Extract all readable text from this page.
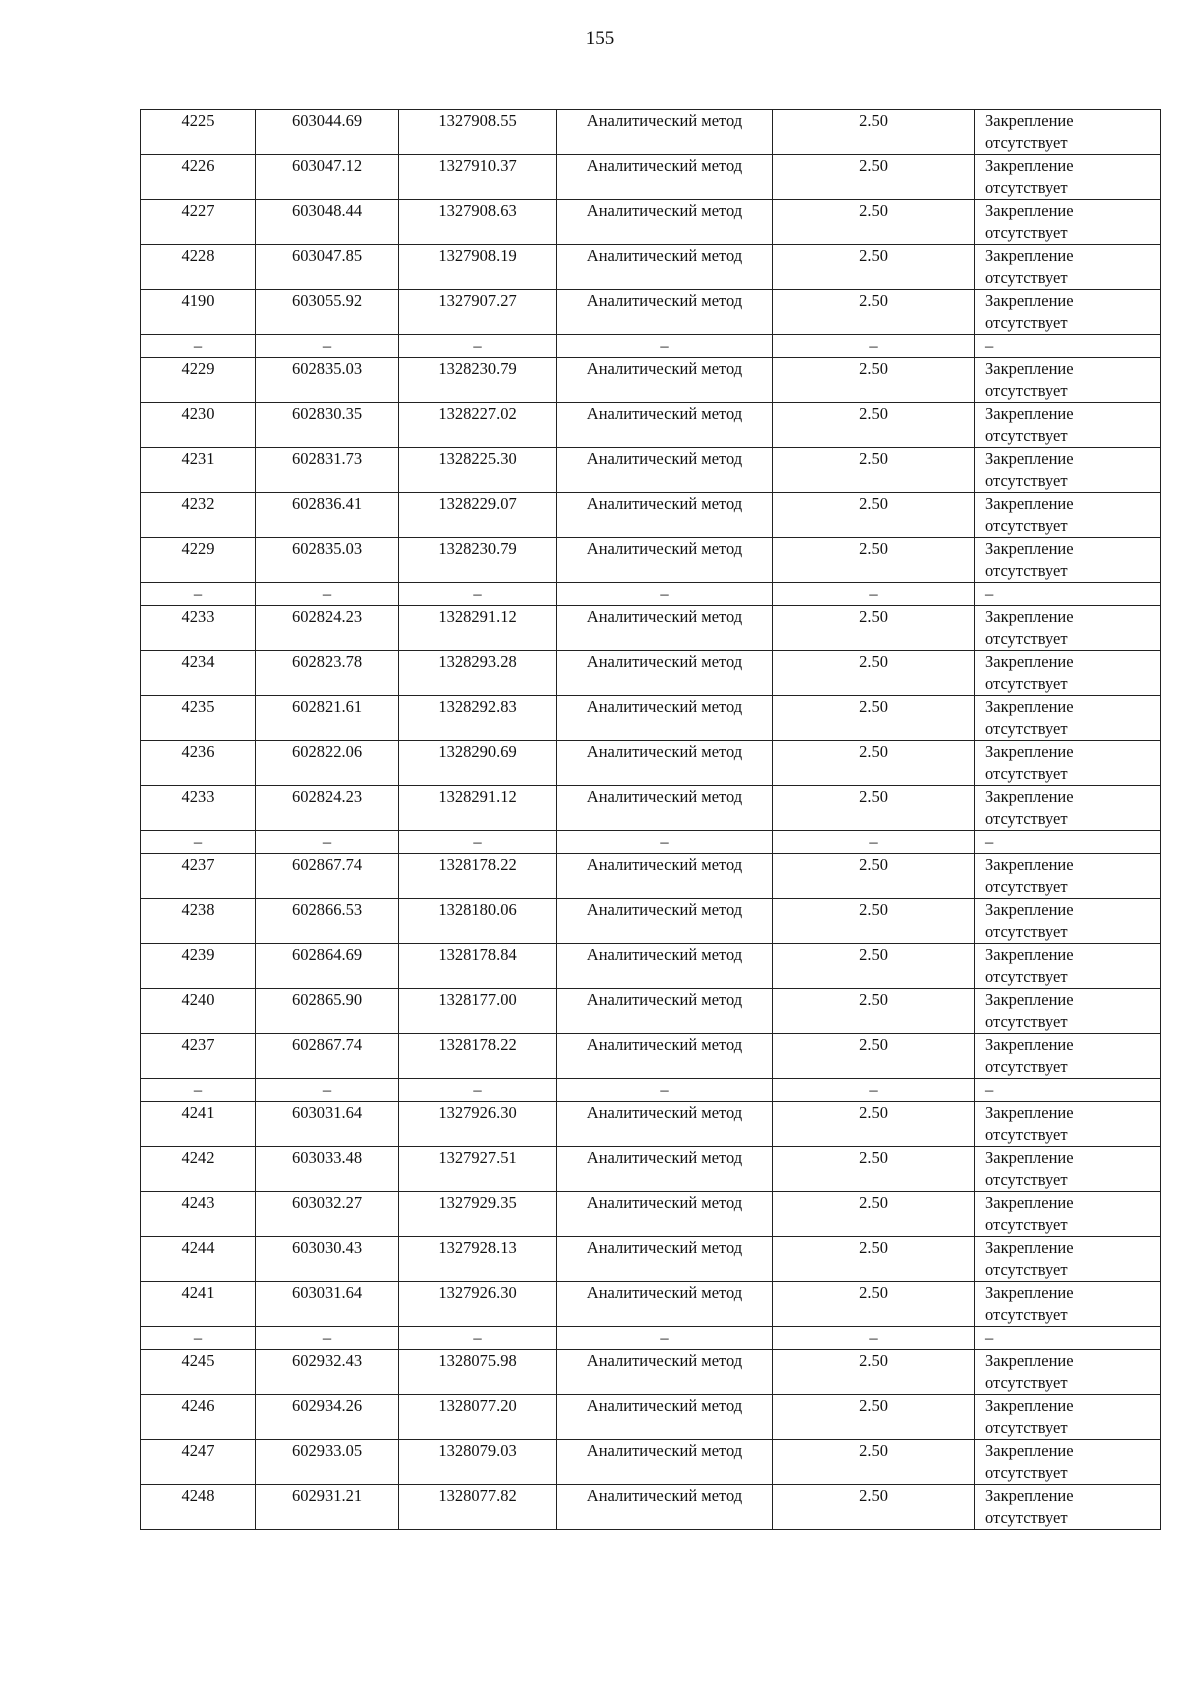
155
4225	603044.69	1327908.55	Аналитический метод	2.50	Закрепление
отсутствует

4226	603047.12	1327910.37	Аналитический метод	2.50	Закрепление
отсутствует

4227	603048.44	1327908.63	Аналитический метод	2.50	Закрепление
отсутствует

4228	603047.85	1327908.19	Аналитический метод	2.50	Закрепление
отсутствует

4190	603055.92	1327907.27	Аналитический метод	2.50	Закрепление
отсутствует

–	–	–	–	–	–
4229	602835.03	1328230.79	Аналитический метод	2.50	Закрепление
отсутствует

4230	602830.35	1328227.02	Аналитический метод	2.50	Закрепление
отсутствует

4231	602831.73	1328225.30	Аналитический метод	2.50	Закрепление
отсутствует

4232	602836.41	1328229.07	Аналитический метод	2.50	Закрепление
отсутствует

4229	602835.03	1328230.79	Аналитический метод	2.50	Закрепление
отсутствует

–	–	–	–	–	–
4233	602824.23	1328291.12	Аналитический метод	2.50	Закрепление
отсутствует

4234	602823.78	1328293.28	Аналитический метод	2.50	Закрепление
отсутствует

4235	602821.61	1328292.83	Аналитический метод	2.50	Закрепление
отсутствует

4236	602822.06	1328290.69	Аналитический метод	2.50	Закрепление
отсутствует

4233	602824.23	1328291.12	Аналитический метод	2.50	Закрепление
отсутствует

–	–	–	–	–	–
4237	602867.74	1328178.22	Аналитический метод	2.50	Закрепление
отсутствует

4238	602866.53	1328180.06	Аналитический метод	2.50	Закрепление
отсутствует

4239	602864.69	1328178.84	Аналитический метод	2.50	Закрепление
отсутствует

4240	602865.90	1328177.00	Аналитический метод	2.50	Закрепление
отсутствует

4237	602867.74	1328178.22	Аналитический метод	2.50	Закрепление
отсутствует

–	–	–	–	–	–
4241	603031.64	1327926.30	Аналитический метод	2.50	Закрепление
отсутствует

4242	603033.48	1327927.51	Аналитический метод	2.50	Закрепление
отсутствует

4243	603032.27	1327929.35	Аналитический метод	2.50	Закрепление
отсутствует

4244	603030.43	1327928.13	Аналитический метод	2.50	Закрепление
отсутствует

4241	603031.64	1327926.30	Аналитический метод	2.50	Закрепление
отсутствует

–	–	–	–	–	–
4245	602932.43	1328075.98	Аналитический метод	2.50	Закрепление
отсутствует

4246	602934.26	1328077.20	Аналитический метод	2.50	Закрепление
отсутствует

4247	602933.05	1328079.03	Аналитический метод	2.50	Закрепление
отсутствует

4248	602931.21	1328077.82	Аналитический метод	2.50	Закрепление
отсутствует
